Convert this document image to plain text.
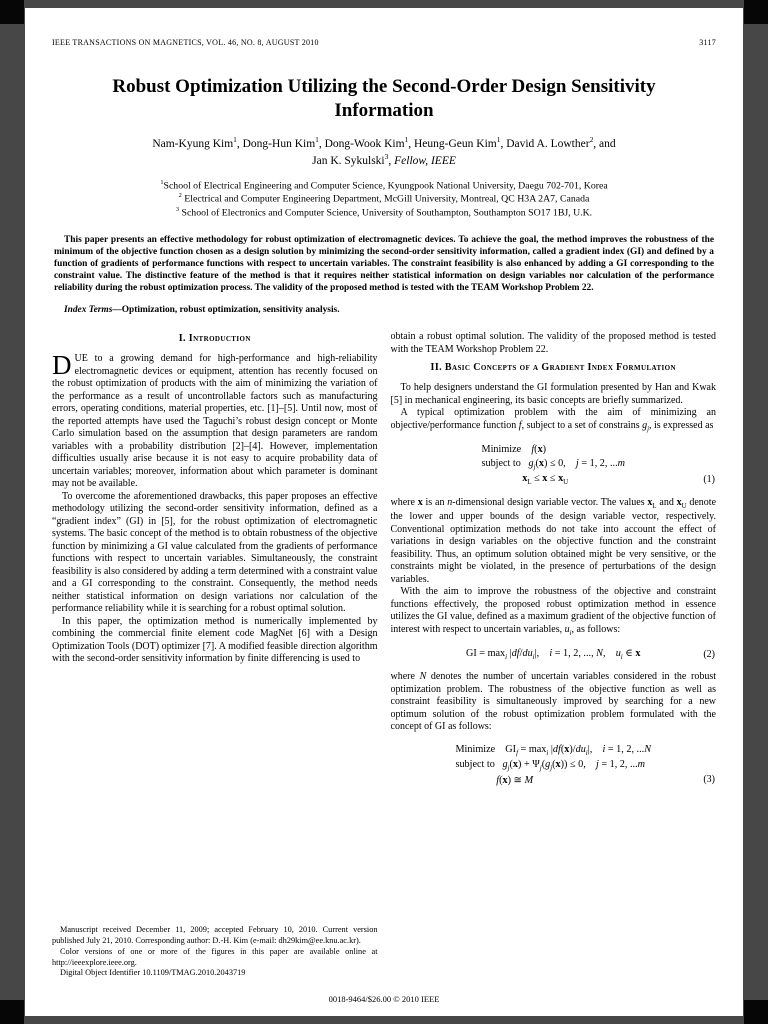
IEEE TRANSACTIONS ON MAGNETICS, VOL. 46, NO. 8, AUGUST 2010	3117
Robust Optimization Utilizing the Second-Order Design Sensitivity Information
Nam-Kyung Kim$^1$, Dong-Hun Kim$^1$, Dong-Wook Kim$^1$, Heung-Geun Kim$^1$, David A. Lowther$^2$, and
Jan K. Sykulski$^3$, Fellow, IEEE
$^1$School of Electrical Engineering and Computer Science, Kyungpook National University, Daegu 702-701, Korea
$^2$ Electrical and Computer Engineering Department, McGill University, Montreal, QC H3A 2A7, Canada
$^3$ School of Electronics and Computer Science, University of Southampton, Southampton SO17 1BJ, U.K.

This paper presents an effective methodology for robust optimization of electromagnetic devices. To achieve the goal, the method improves the robustness of the minimum of the objective function chosen as a design solution by minimizing the second-order sensitivity information, called a gradient index (GI) and defined by a function of gradients of performance functions with respect to uncertain variables. The constraint feasibility is also enhanced by adding a GI corresponding to the constraint value. The distinctive feature of the method is that it requires neither statistical information on design variables nor calculation of the performance reliability during the robust optimization process. The validity of the proposed method is tested with the TEAM Workshop Problem 22.

Index Terms—Optimization, robust optimization, sensitivity analysis.

I. Introduction

DUE to a growing demand for high-performance and high-reliability electromagnetic devices or equipment, attention has recently focused on the robust optimization of products with the aim of minimizing the variation of the performance as a result of uncontrollable factors such as manufacturing errors, operating conditions, material properties, etc. [1]–[5]. Until now, most of the reported attempts have used the Taguchi’s robust design concept or Monte Carlo simulation based on the assumption that design parameters are random variables with a probability distribution [2]–[4]. However, implementation difficulties usually arise because it is not easy to acquire probability data of uncertain variables; moreover, information about which parameter is dominant may not be available.

To overcome the aforementioned drawbacks, this paper proposes an effective methodology utilizing the second-order sensitivity information, defined as a “gradient index” (GI) in [5], for the robust optimization of electromagnetic systems. The basic concept of the method is to obtain robustness of the objective function by minimizing a GI value calculated from the gradients of performance functions with respect to uncertain variables. Simultaneously, the constraint feasibility is also considered by adding a term determined with a constraint value and a GI corresponding to the constraint. Consequently, the method needs neither statistical information on design variations nor calculation of the performance reliability while it is searching for a robust optimal solution.

In this paper, the optimization method is numerically implemented by combining the commercial finite element code MagNet [6] with a Design Optimization Tools (DOT) optimizer [7]. A modified feasible direction algorithm with the second-order sensitivity information by finite differencing is used to

Manuscript received December 11, 2009; accepted February 10, 2010. Current version published July 21, 2010. Corresponding author: D.-H. Kim (e-mail: dh29kim@ee.knu.ac.kr).

Color versions of one or more of the figures in this paper are available online at http://ieeexplore.ieee.org.

Digital Object Identifier 10.1109/TMAG.2010.2043719

obtain a robust optimal solution. The validity of the proposed method is tested with the TEAM Workshop Problem 22.

II. Basic Concepts of a Gradient Index Formulation

To help designers understand the GI formulation presented by Han and Kwak [5] in mechanical engineering, its basic concepts are briefly summarized.

A typical optimization problem with the aim of minimizing an objective/performance function f, subject to a set of constrains $g_j$, is expressed as

Minimize    f(x)
subject to   $g_j(x) \le 0$,    j = 1, 2, ...m
$x_L \le x \le x_U$	(1)

where x is an n-dimensional design variable vector. The values $x_L$ and $x_U$ denote the lower and upper bounds of the design variable vector, respectively. Conventional optimization methods do not take into account the effect of variations in design variables on the objective function and the constraint feasibility. Thus, an optimum solution obtained might be very sensitive, or the constraints might be violated, in the presence of perturbations of the design variables.

With the aim to improve the robustness of the objective and constraint functions effectively, the proposed robust optimization method in essence utilizes the GI value, defined as a maximum gradient of the objective function of interest with respect to uncertain variables, $u_i$, as follows:

GI = $\max_i |df/du_i|$,    i = 1, 2, ..., N,    $u_i$ ∈ x	(2)

where N denotes the number of uncertain variables considered in the robust optimization problem. The robustness of the objective function as well as constraint feasibility is simultaneously improved by searching for a new optimum solution of the robust optimization problem formulated with the concept of GI as follows:

Minimize    $GI_f = \max_i |df(x)/du_i|$,    i = 1, 2, ...N
subject to   $g_j(x) + \Psi_j(g_j(x)) \le 0$,    j = 1, 2, ...m
f(x) ≅ M	(3)
0018-9464/$26.00 © 2010 IEEE
